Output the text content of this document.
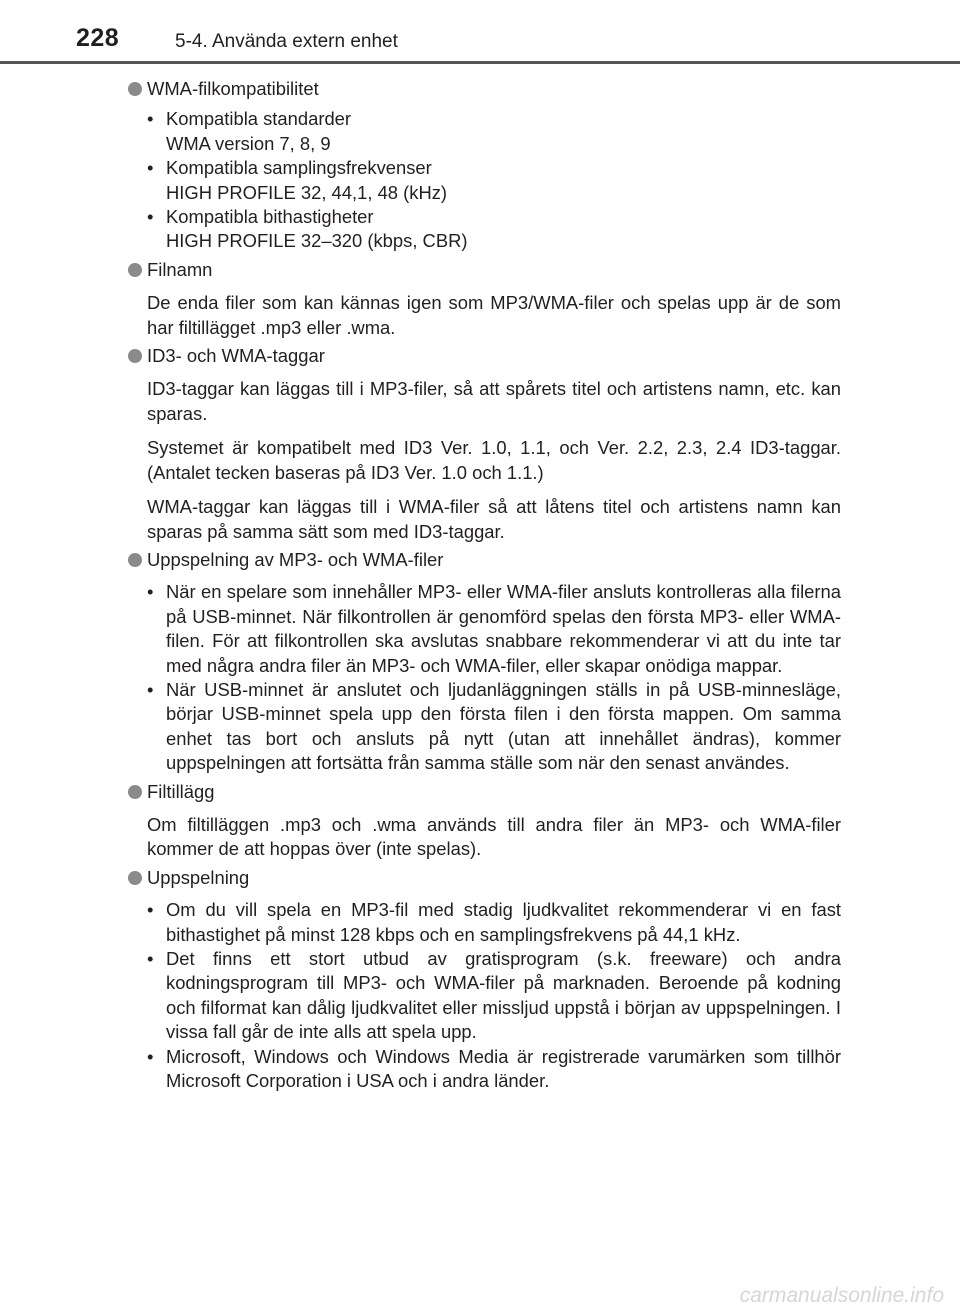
228	5-4. Använda extern enhet
WMA-filkompatibilitet
• Kompatibla standarder
WMA version 7, 8, 9
• Kompatibla samplingsfrekvenser
HIGH PROFILE 32, 44,1, 48 (kHz)
• Kompatibla bithastigheter
HIGH PROFILE 32–320 (kbps, CBR)
Filnamn

De enda filer som kan kännas igen som MP3/WMA-filer och spelas upp är de som har filtillägget .mp3 eller .wma.

ID3- och WMA-taggar

ID3-taggar kan läggas till i MP3-filer, så att spårets titel och artistens namn, etc. kan sparas.

Systemet är kompatibelt med ID3 Ver. 1.0, 1.1, och Ver. 2.2, 2.3, 2.4 ID3-taggar. (Antalet tecken baseras på ID3 Ver. 1.0 och 1.1.)

WMA-taggar kan läggas till i WMA-filer så att låtens titel och artistens namn kan sparas på samma sätt som med ID3-taggar.

Uppspelning av MP3- och WMA-filer
• När en spelare som innehåller MP3- eller WMA-filer ansluts kontrolleras alla filerna på USB-minnet. När filkontrollen är genomförd spelas den första MP3- eller WMA-filen. För att filkontrollen ska avslutas snabbare rekommenderar vi att du inte tar med några andra filer än MP3- och WMA-filer, eller skapar onödiga mappar.
• När USB-minnet är anslutet och ljudanläggningen ställs in på USB-minnesläge, börjar USB-minnet spela upp den första filen i den första mappen. Om samma enhet tas bort och ansluts på nytt (utan att innehållet ändras), kommer uppspelningen att fortsätta från samma ställe som när den senast användes.
Filtillägg

Om filtilläggen .mp3 och .wma används till andra filer än MP3- och WMA-filer kommer de att hoppas över (inte spelas).

Uppspelning
• Om du vill spela en MP3-fil med stadig ljudkvalitet rekommenderar vi en fast bithastighet på minst 128 kbps och en samplingsfrekvens på 44,1 kHz.
• Det finns ett stort utbud av gratisprogram (s.k. freeware) och andra kodningsprogram till MP3- och WMA-filer på marknaden. Beroende på kodning och filformat kan dålig ljudkvalitet eller missljud uppstå i början av uppspelningen. I vissa fall går de inte alls att spela upp.
• Microsoft, Windows och Windows Media är registrerade varumärken som tillhör Microsoft Corporation i USA och i andra länder.
carmanualsonline.info
